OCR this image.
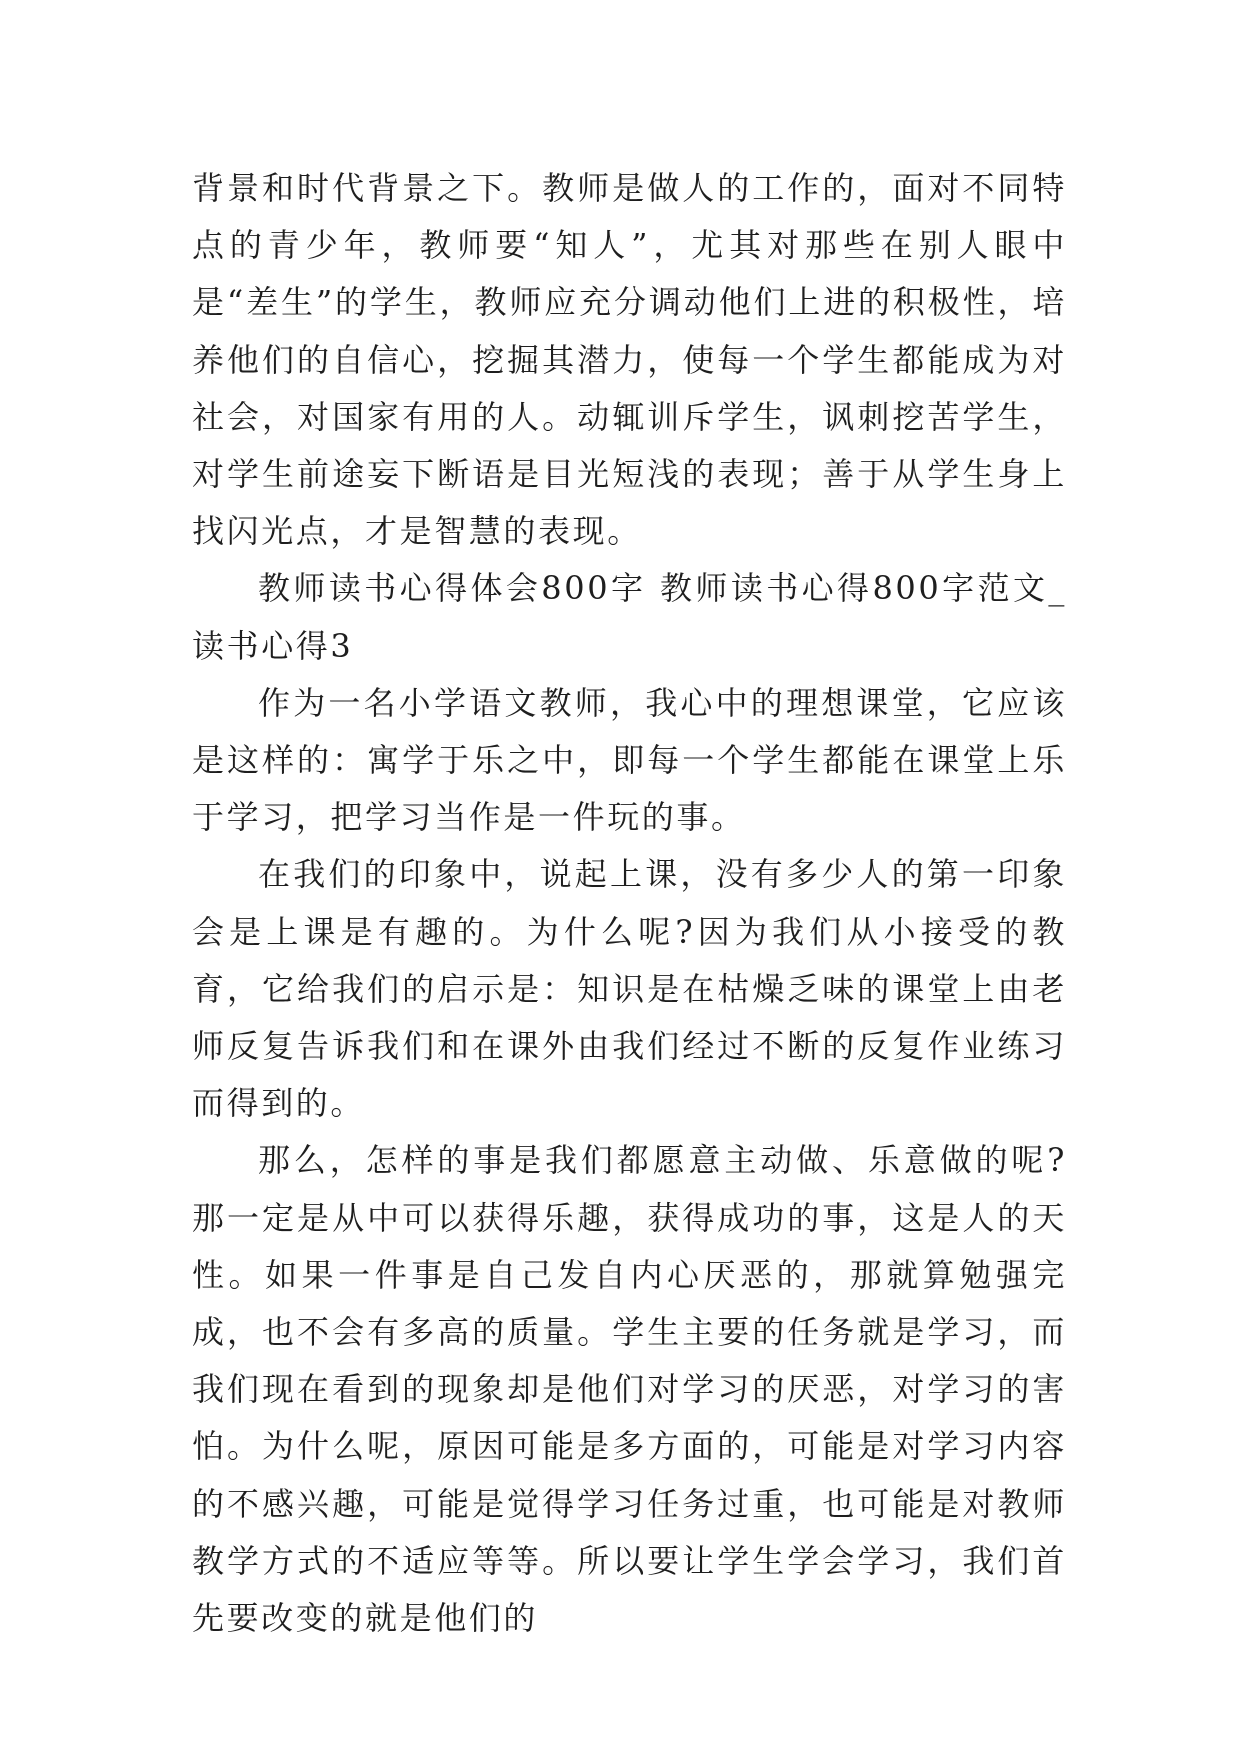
背景和时代背景之下。教师是做人的工作的，面对不同特点的青少年，教师要“知人”，尤其对那些在别人眼中是“差生”的学生，教师应充分调动他们上进的积极性，培养他们的自信心，挖掘其潜力，使每一个学生都能成为对社会，对国家有用的人。动辄训斥学生，讽刺挖苦学生，对学生前途妄下断语是目光短浅的表现；善于从学生身上找闪光点，才是智慧的表现。

教师读书心得体会800字 教师读书心得800字范文_读书心得3

作为一名小学语文教师，我心中的理想课堂，它应该是这样的：寓学于乐之中，即每一个学生都能在课堂上乐于学习，把学习当作是一件玩的事。

在我们的印象中，说起上课，没有多少人的第一印象会是上课是有趣的。为什么呢?因为我们从小接受的教育，它给我们的启示是：知识是在枯燥乏味的课堂上由老师反复告诉我们和在课外由我们经过不断的反复作业练习而得到的。

那么，怎样的事是我们都愿意主动做、乐意做的呢?那一定是从中可以获得乐趣，获得成功的事，这是人的天性。如果一件事是自己发自内心厌恶的，那就算勉强完成，也不会有多高的质量。学生主要的任务就是学习，而我们现在看到的现象却是他们对学习的厌恶，对学习的害怕。为什么呢，原因可能是多方面的，可能是对学习内容的不感兴趣，可能是觉得学习任务过重，也可能是对教师教学方式的不适应等等。所以要让学生学会学习，我们首先要改变的就是他们的
